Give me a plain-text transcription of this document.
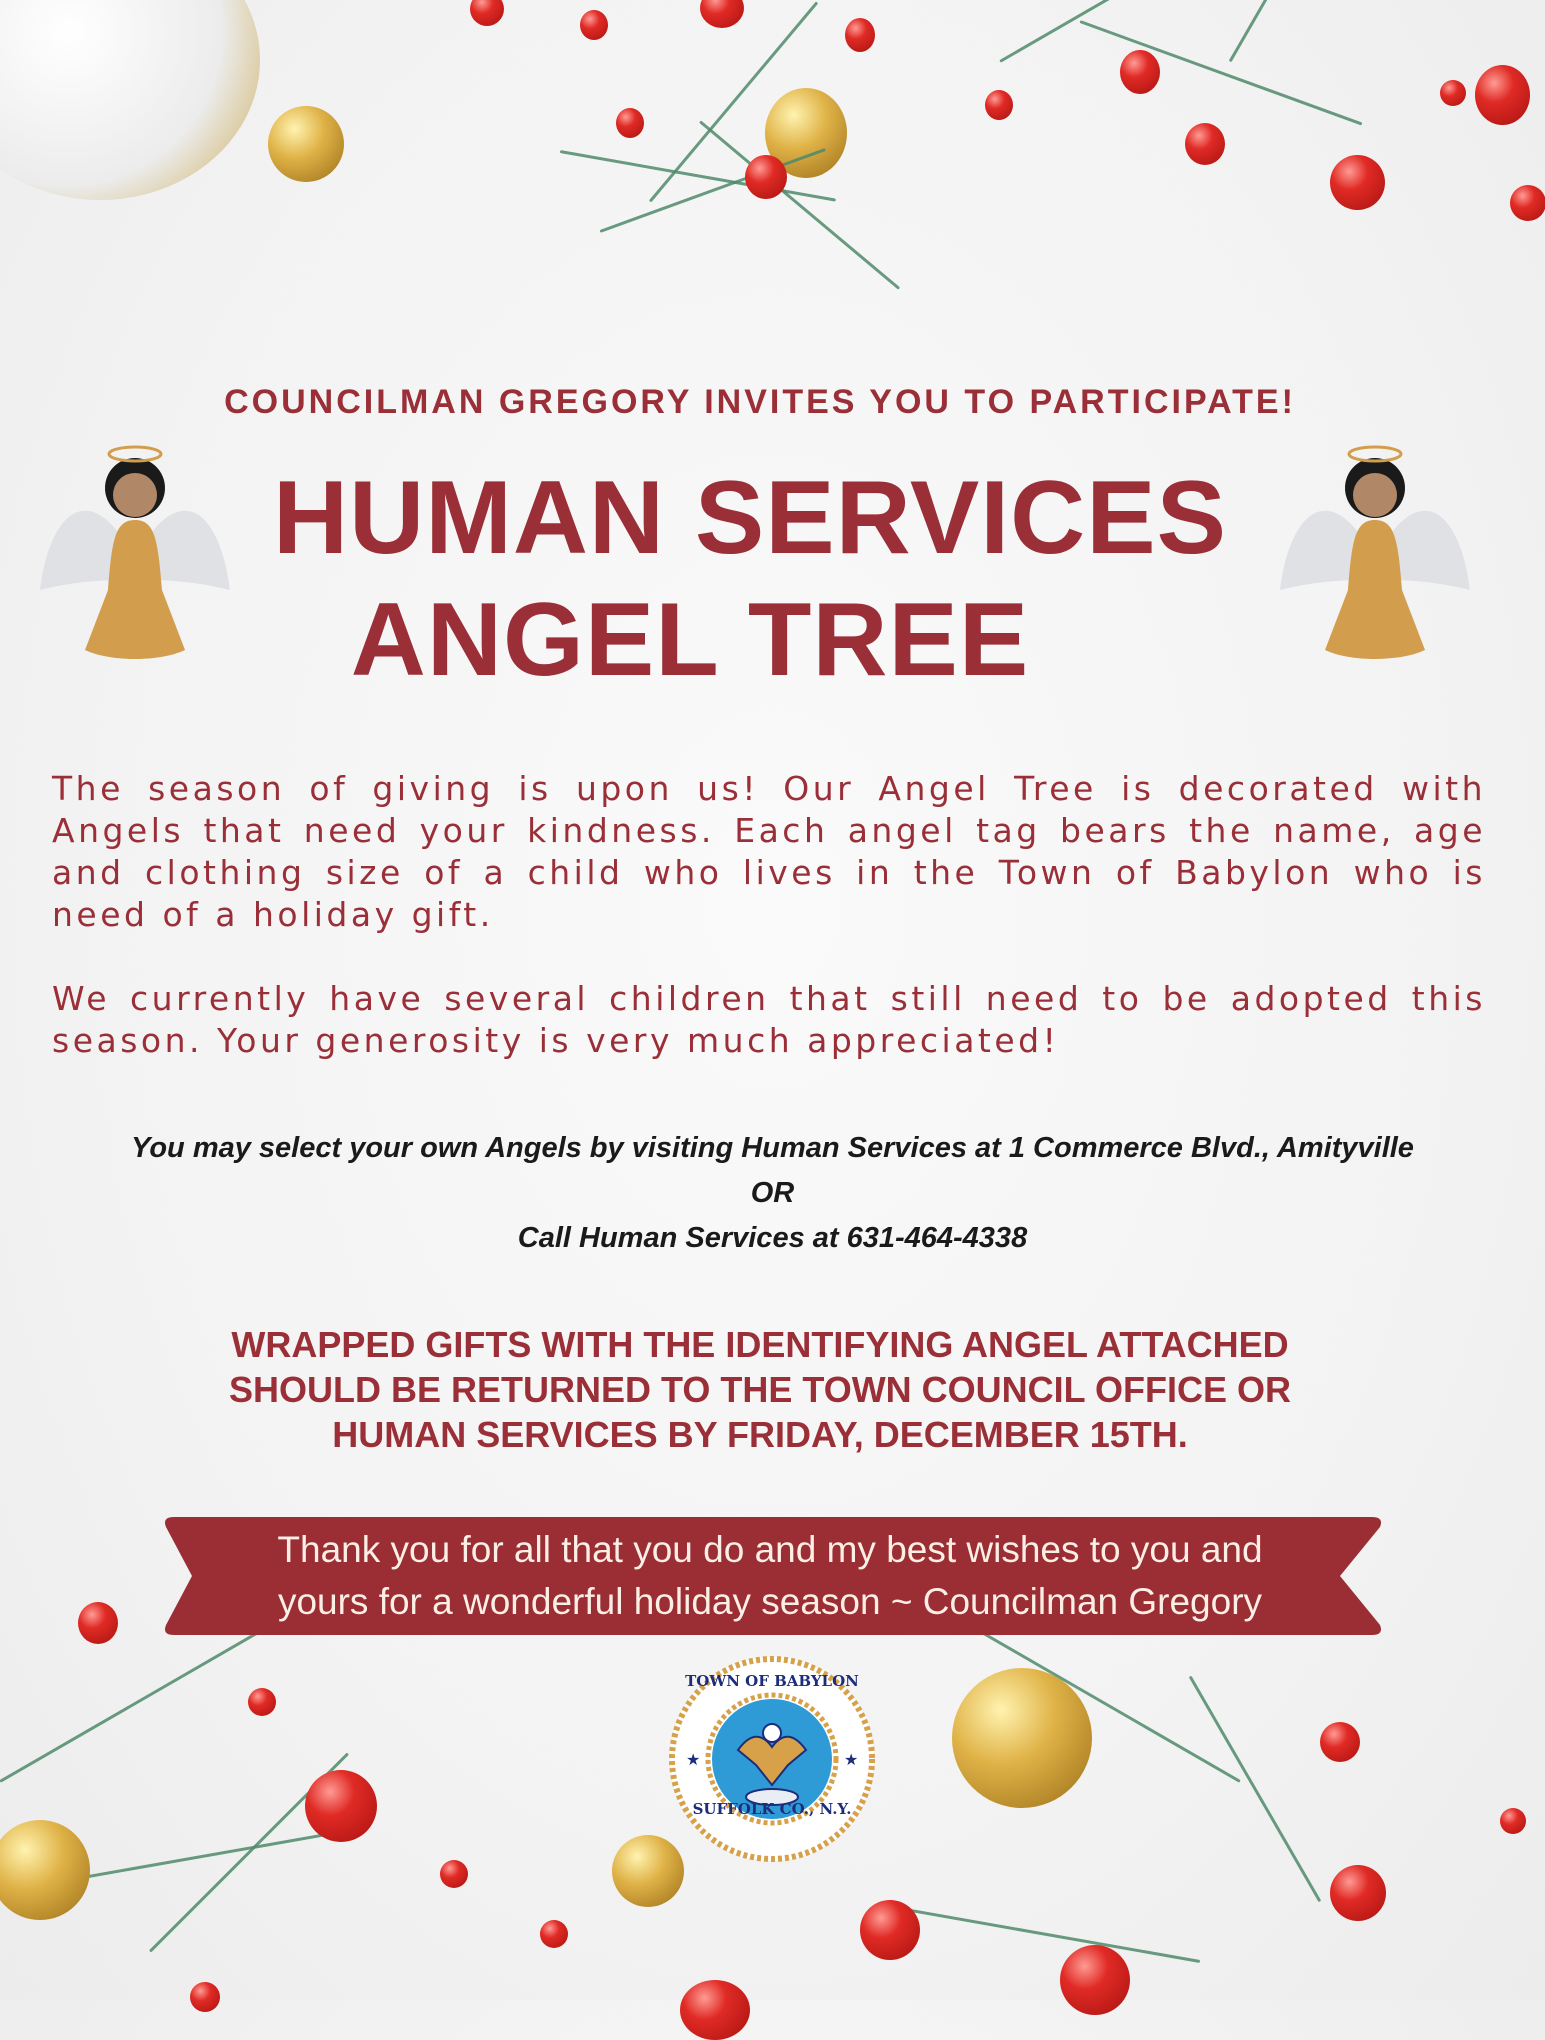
COUNCILMAN GREGORY INVITES YOU TO PARTICIPATE!
HUMAN SERVICES
ANGEL TREE
The season of giving is upon us! Our Angel Tree is decorated with Angels that need your kindness. Each angel tag bears the name, age and clothing size of a child who lives in the Town of Babylon who is need of a holiday gift.
We currently have several children that still need to be adopted this season. Your generosity is very much appreciated!
You may select your own Angels by visiting Human Services at 1 Commerce Blvd., Amityville
OR
Call Human Services at 631-464-4338
WRAPPED GIFTS WITH THE IDENTIFYING ANGEL ATTACHED
SHOULD BE RETURNED TO THE TOWN COUNCIL OFFICE OR
HUMAN SERVICES BY FRIDAY, DECEMBER 15TH.
Thank you for all that you do and my best wishes to you and
yours for a wonderful holiday season ~ Councilman Gregory
★	★
SUFFOLK CO., N.Y.
TOWN OF BABYLON
